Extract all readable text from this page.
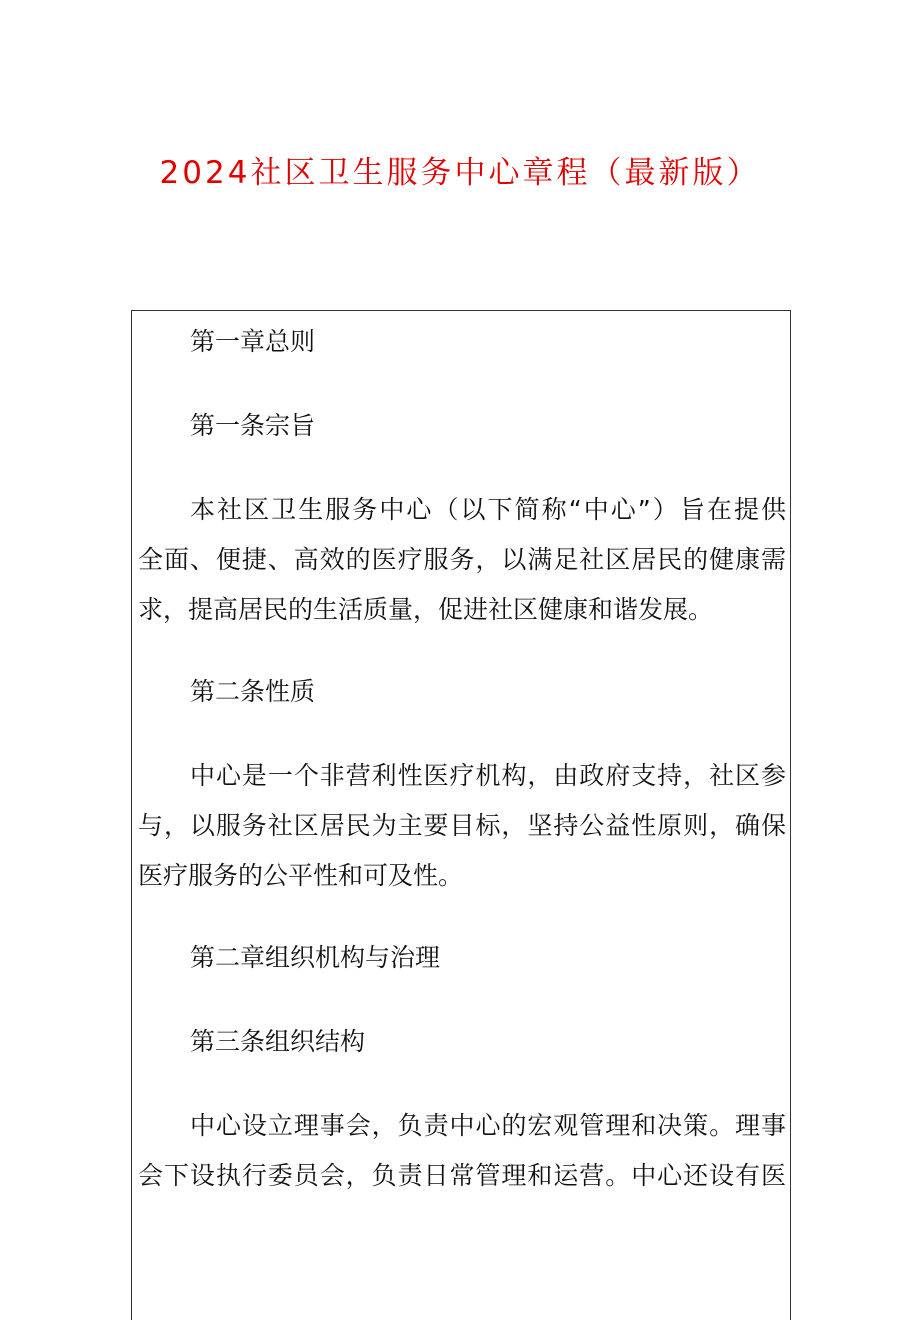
2024社区卫生服务中心章程（最新版）
第一章总则
第一条宗旨
本社区卫生服务中心（以下简称“中心”）旨在提供
全面、便捷、高效的医疗服务，以满足社区居民的健康需
求，提高居民的生活质量，促进社区健康和谐发展。
第二条性质
中心是一个非营利性医疗机构，由政府支持，社区参
与，以服务社区居民为主要目标，坚持公益性原则，确保
医疗服务的公平性和可及性。
第二章组织机构与治理
第三条组织结构
中心设立理事会，负责中心的宏观管理和决策。理事
会下设执行委员会，负责日常管理和运营。中心还设有医
